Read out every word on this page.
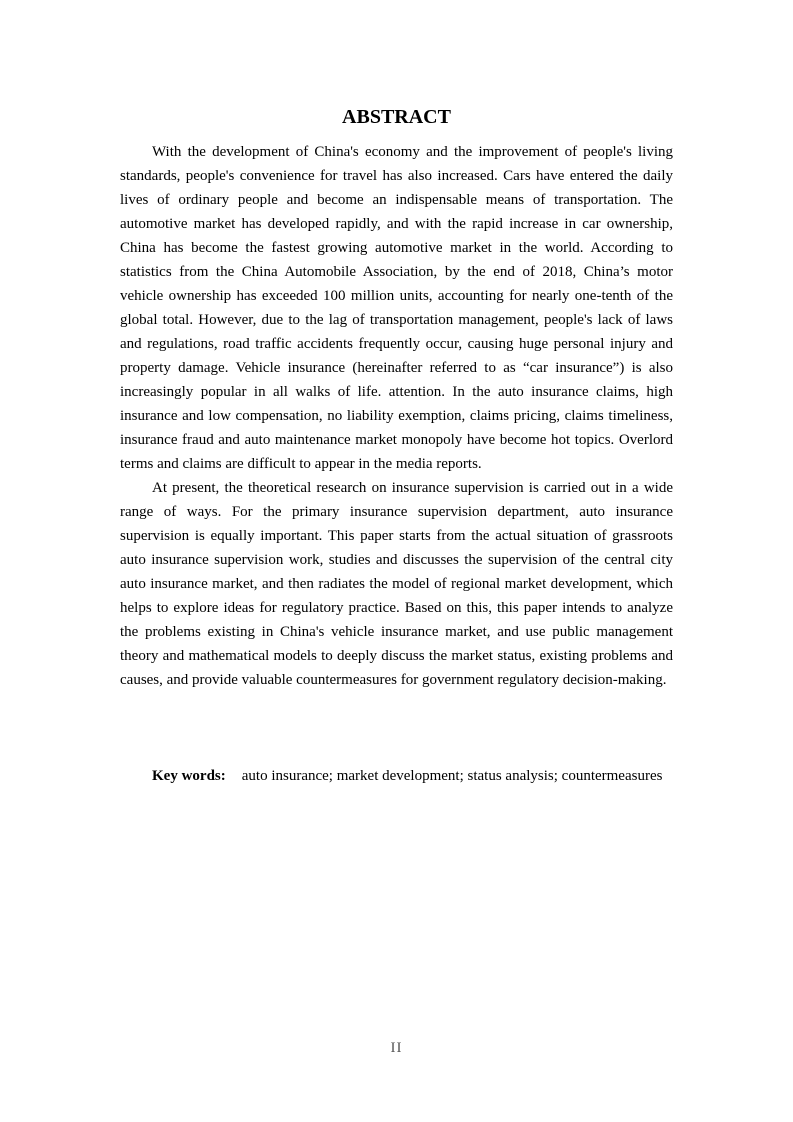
ABSTRACT

With the development of China's economy and the improvement of people's living standards, people's convenience for travel has also increased. Cars have entered the daily lives of ordinary people and become an indispensable means of transportation. The automotive market has developed rapidly, and with the rapid increase in car ownership, China has become the fastest growing automotive market in the world. According to statistics from the China Automobile Association, by the end of 2018, China’s motor vehicle ownership has exceeded 100 million units, accounting for nearly one-tenth of the global total. However, due to the lag of transportation management, people's lack of laws and regulations, road traffic accidents frequently occur, causing huge personal injury and property damage. Vehicle insurance (hereinafter referred to as “car insurance”) is also increasingly popular in all walks of life. attention. In the auto insurance claims, high insurance and low compensation, no liability exemption, claims pricing, claims timeliness, insurance fraud and auto maintenance market monopoly have become hot topics. Overlord terms and claims are difficult to appear in the media reports.

At present, the theoretical research on insurance supervision is carried out in a wide range of ways. For the primary insurance supervision department, auto insurance supervision is equally important. This paper starts from the actual situation of grassroots auto insurance supervision work, studies and discusses the supervision of the central city auto insurance market, and then radiates the model of regional market development, which helps to explore ideas for regulatory practice. Based on this, this paper intends to analyze the problems existing in China's vehicle insurance market, and use public management theory and mathematical models to deeply discuss the market status, existing problems and causes, and provide valuable countermeasures for government regulatory decision-making.

Key words: auto insurance; market development; status analysis; countermeasures

II
